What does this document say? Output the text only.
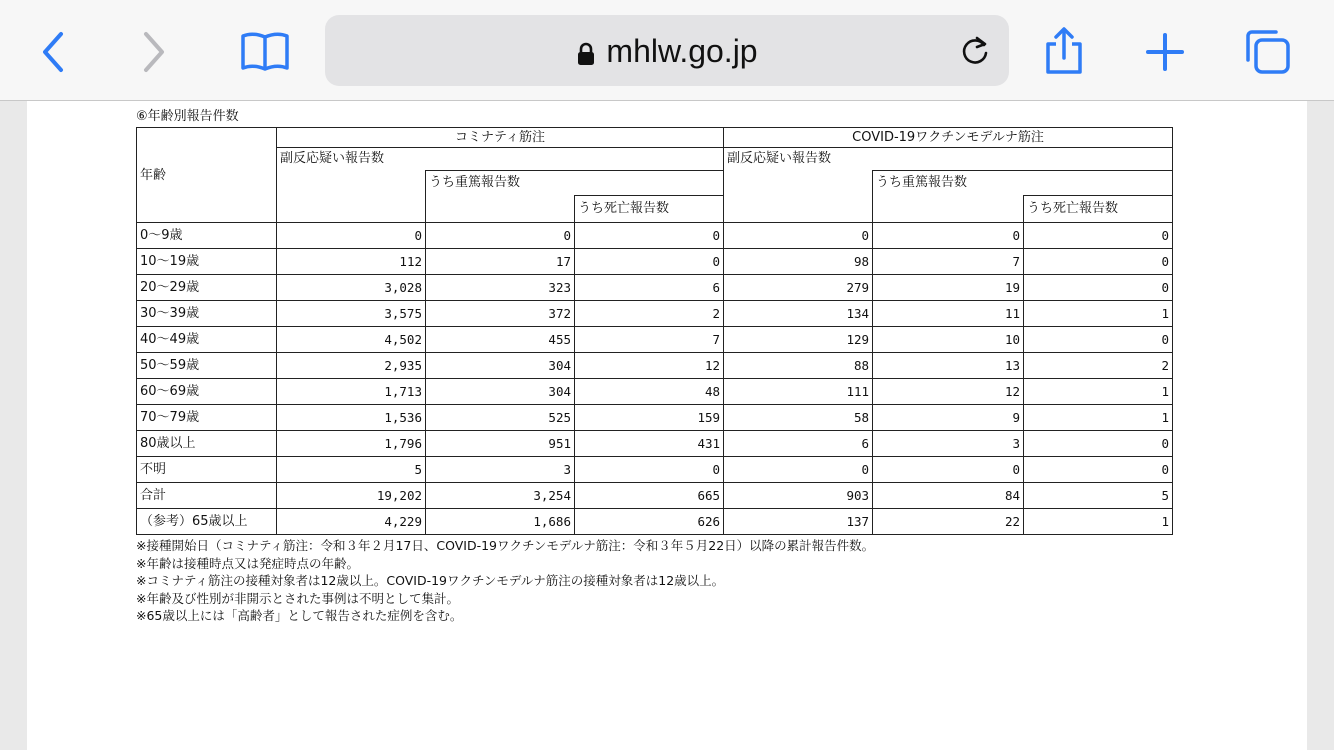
mhlw.go.jp
⑥年齢別報告件数
年齢	コミナティ筋注			COVID-19ワクチンモデルナ筋注		
	副反応疑い報告数			副反応疑い報告数		
		うち重篤報告数			うち重篤報告数	
			うち死亡報告数			うち死亡報告数
0～9歳	0	0	0	0	0	0
10～19歳	112	17	0	98	7	0
20～29歳	3,028	323	6	279	19	0
30～39歳	3,575	372	2	134	11	1
40～49歳	4,502	455	7	129	10	0
50～59歳	2,935	304	12	88	13	2
60～69歳	1,713	304	48	111	12	1
70～79歳	1,536	525	159	58	9	1
80歳以上	1,796	951	431	6	3	0
不明	5	3	0	0	0	0
合計	19,202	3,254	665	903	84	5
（参考）65歳以上	4,229	1,686	626	137	22	1
※接種開始日（コミナティ筋注：令和３年２月17日、COVID-19ワクチンモデルナ筋注：令和３年５月22日）以降の累計報告件数。
※年齢は接種時点又は発症時点の年齢。
※コミナティ筋注の接種対象者は12歳以上。COVID-19ワクチンモデルナ筋注の接種対象者は12歳以上。
※年齢及び性別が非開示とされた事例は不明として集計。
※65歳以上には「高齢者」として報告された症例を含む。
